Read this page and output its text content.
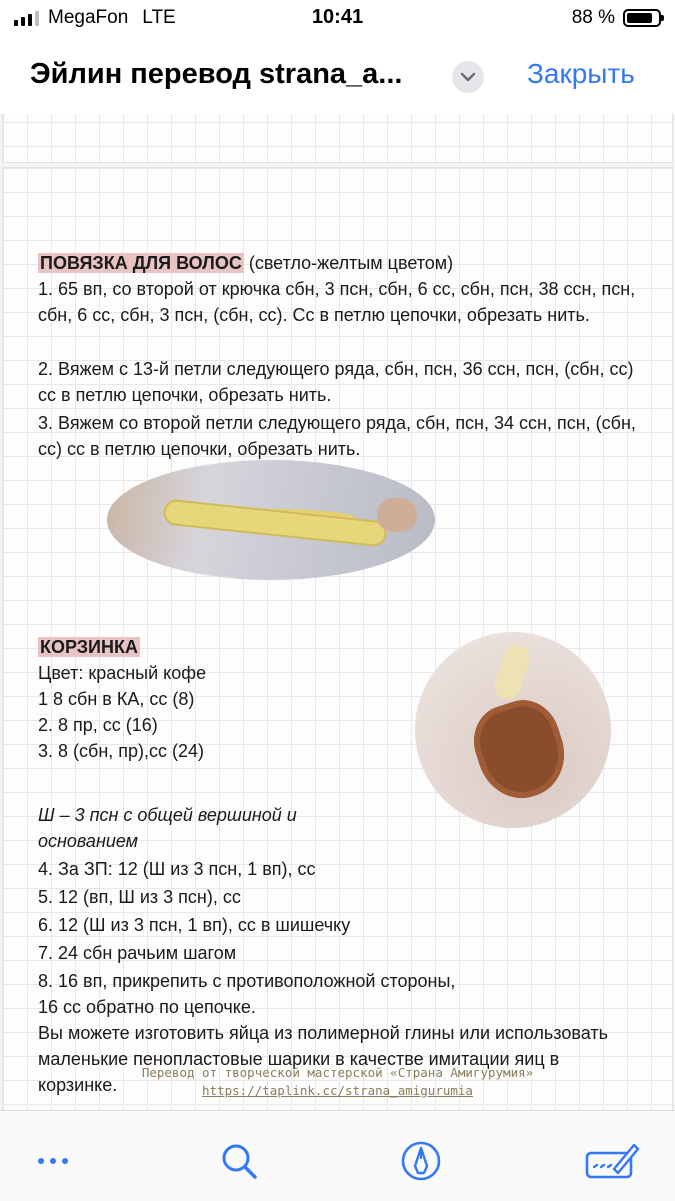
MegaFon LTE	10:41	88 %
Эйлин перевод strana_a...	Закрыть
ПОВЯЗКА ДЛЯ ВОЛОС (светло-желтым цветом)
1. 65 вп, со второй от крючка сбн, 3 псн, сбн, 6 сс, сбн, псн, 38 ссн, псн, сбн, 6 сс, сбн, 3 псн, (сбн, сс). Сс в петлю цепочки, обрезать нить.
2. Вяжем с 13-й петли следующего ряда, сбн, псн, 36 ссн, псн, (сбн, сс) сс в петлю цепочки, обрезать нить.
3. Вяжем со второй петли следующего ряда, сбн, псн, 34 ссн, псн, (сбн, сс) сс в петлю цепочки, обрезать нить.
КОРЗИНКА
Цвет: красный кофе
1 8 сбн в КА, сс (8)
2. 8 пр, сс (16)
3. 8 (сбн, пр),сс (24)
Ш – 3 псн с общей вершиной и
основанием
4. За ЗП: 12 (Ш из 3 псн, 1 вп), сс
5. 12 (вп, Ш из 3 псн), сс
6. 12 (Ш из 3 псн, 1 вп), сс в шишечку
7. 24 сбн рачьим шагом
8. 16 вп, прикрепить с противоположной стороны,
16 сс обратно по цепочке.
Вы можете изготовить яйца из полимерной глины или использовать маленькие пенопластовые шарики в качестве имитации яиц в корзинке.
Перевод от творческой мастерской «Страна Амигурумия»
https://taplink.cc/strana_amigurumia
